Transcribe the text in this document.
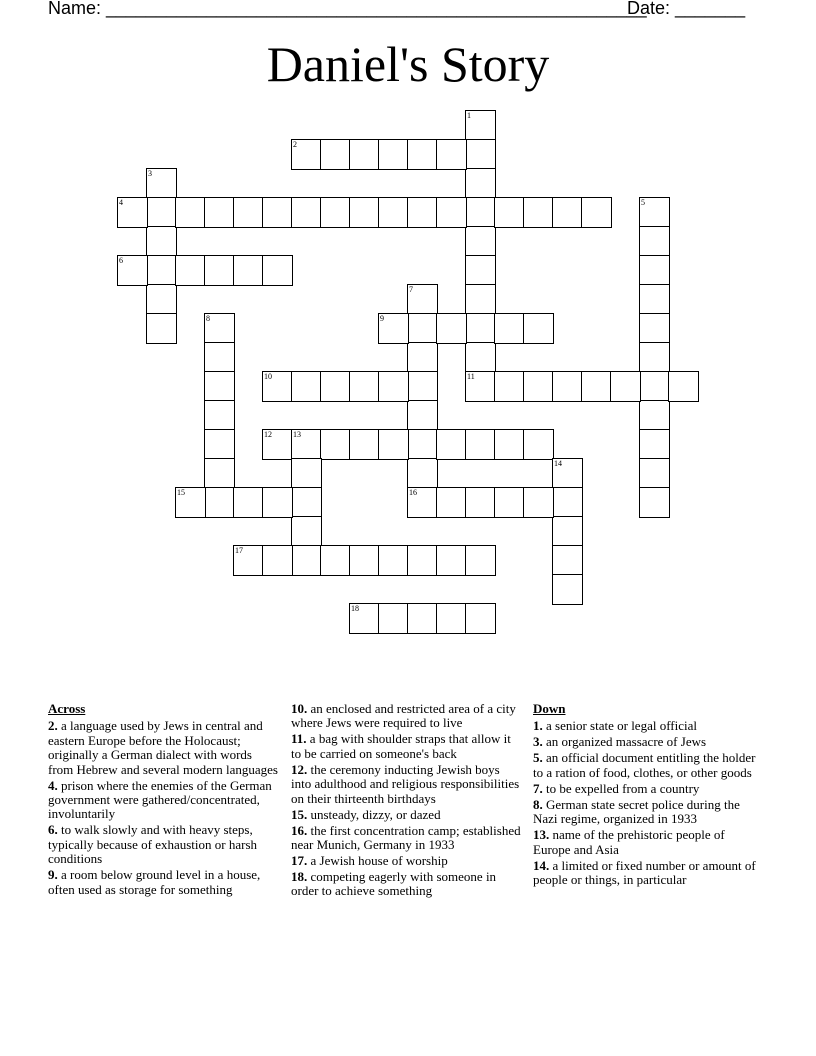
Name: ______________________________________________________
Date: _______
Daniel's Story
1
2
3
4	5
6
7
16
8	9
10	11
12	13
14
15
17
18
Across
2. a language used by Jews in central and eastern Europe before the Holocaust; originally a German dialect with words from Hebrew and several modern languages
4. prison where the enemies of the German government were gathered/concentrated, involuntarily
6. to walk slowly and with heavy steps, typically because of exhaustion or harsh conditions
9. a room below ground level in a house, often used as storage for something
10. an enclosed and restricted area of a city where Jews were required to live
11. a bag with shoulder straps that allow it to be carried on someone's back
12. the ceremony inducting Jewish boys into adulthood and religious responsibilities on their thirteenth birthdays
15. unsteady, dizzy, or dazed
16. the first concentration camp; established near Munich, Germany in 1933
17. a Jewish house of worship
18. competing eagerly with someone in order to achieve something
Down
1. a senior state or legal official
3. an organized massacre of Jews
5. an official document entitling the holder to a ration of food, clothes, or other goods
7. to be expelled from a country
8. German state secret police during the Nazi regime, organized in 1933
13. name of the prehistoric people of Europe and Asia
14. a limited or fixed number or amount of people or things, in particular
